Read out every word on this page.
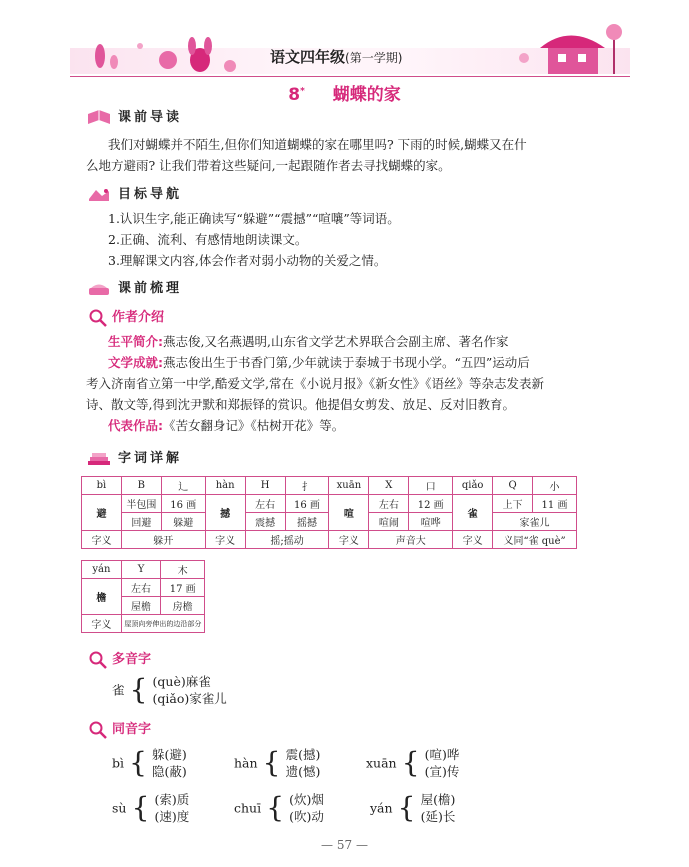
语文四年级(第一学期)
8* 蝴蝶的家
课前导读
我们对蝴蝶并不陌生,但你们知道蝴蝶的家在哪里吗? 下雨的时候,蝴蝶又在什
么地方避雨? 让我们带着这些疑问,一起跟随作者去寻找蝴蝶的家。
目标导航
1.认识生字,能正确读写“躲避”“震撼”“喧嚷”等词语。
2.正确、流利、有感情地朗读课文。
3.理解课文内容,体会作者对弱小动物的关爱之情。
课前梳理
作者介绍
生平简介:燕志俊,又名燕遇明,山东省文学艺术界联合会副主席、著名作家
文学成就:燕志俊出生于书香门第,少年就读于泰城于书现小学。“五四”运动后
考入济南省立第一中学,酷爱文学,常在《小说月报》《新女性》《语丝》等杂志发表新
诗、散文等,得到沈尹默和郑振铎的赏识。他提倡女剪发、放足、反对旧教育。
代表作品:《苦女翻身记》《枯树开花》等。
字词详解
bì	B	辶	hàn	H	扌	xuān	X	口	qiǎo	Q	小
避	半包围	16 画	撼	左右	16 画	喧	左右	12 画	雀	上下	11 画
	回避	躲避		震撼	摇撼		喧闹	喧哗		家雀儿	
字义	躲开		字义	摇;摇动		字义	声音大		字义	义同“雀 què”	
yán	Y	木
檐	左右	17 画
	屋檐	房檐
字义	屋顶向旁伸出的边沿部分	
多音字
雀 { (què)麻雀
(qiǎo)家雀儿
同音字
bì { 躲(避)
隐(蔽)
hàn { 震(撼)
遗(憾)
xuān { (喧)哗
(宣)传
sù { (索)质
(速)度
chuī { (炊)烟
(吹)动
yán { 屋(檐)
(延)长
— 57 —
